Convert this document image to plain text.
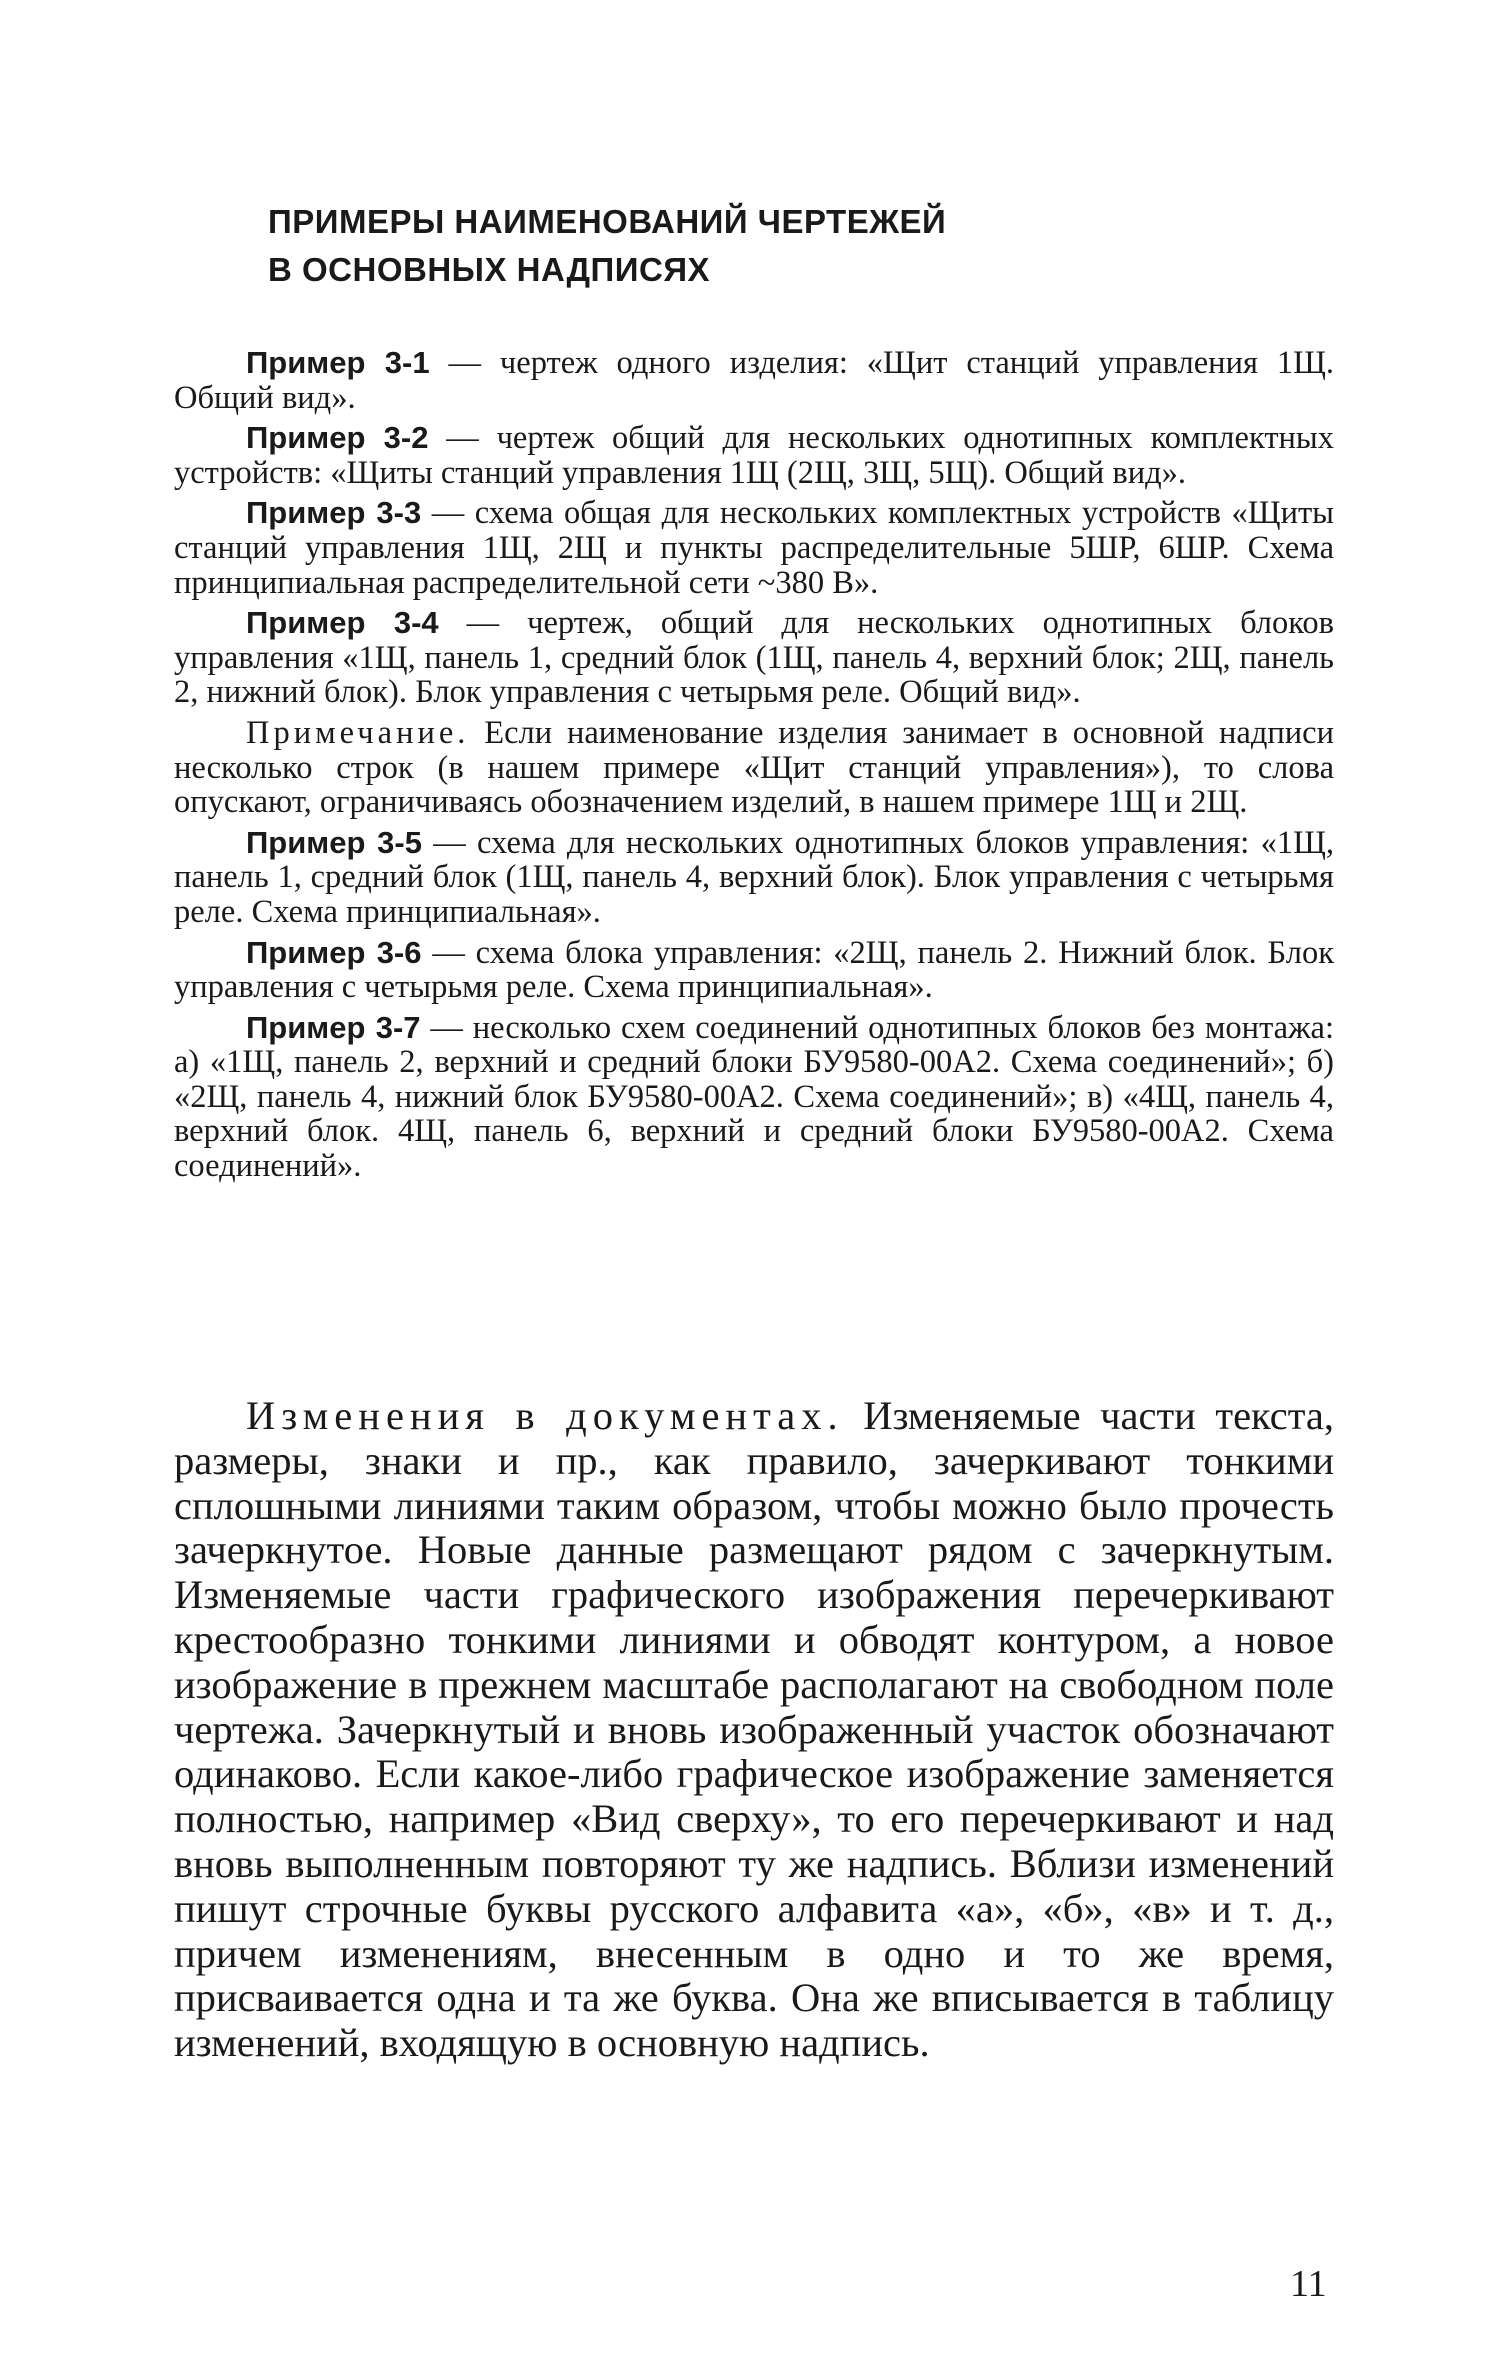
ПРИМЕРЫ НАИМЕНОВАНИЙ ЧЕРТЕЖЕЙ
В ОСНОВНЫХ НАДПИСЯХ

Пример 3-1 — чертеж одного изделия: «Щит станций управления 1Щ. Общий вид».

Пример 3-2 — чертеж общий для нескольких однотипных комплектных устройств: «Щиты станций управления 1Щ (2Щ, 3Щ, 5Щ). Общий вид».

Пример 3-3 — схема общая для нескольких комплектных устройств «Щиты станций управления 1Щ, 2Щ и пункты распределительные 5ШР, 6ШР. Схема принципиальная распределительной сети ~380 В».

Пример 3-4 — чертеж, общий для нескольких однотипных блоков управления «1Щ, панель 1, средний блок (1Щ, панель 4, верхний блок; 2Щ, панель 2, нижний блок). Блок управления с четырьмя реле. Общий вид».

Примечание. Если наименование изделия занимает в основной надписи несколько строк (в нашем примере «Щит станций управления»), то слова опускают, ограничиваясь обозначением изделий, в нашем примере 1Щ и 2Щ.

Пример 3-5 — схема для нескольких однотипных блоков управления: «1Щ, панель 1, средний блок (1Щ, панель 4, верхний блок). Блок управления с четырьмя реле. Схема принципиальная».

Пример 3-6 — схема блока управления: «2Щ, панель 2. Нижний блок. Блок управления с четырьмя реле. Схема принципиальная».

Пример 3-7 — несколько схем соединений однотипных блоков без монтажа: а) «1Щ, панель 2, верхний и средний блоки БУ9580-00А2. Схема соединений»; б) «2Щ, панель 4, нижний блок БУ9580-00А2. Схема соединений»; в) «4Щ, панель 4, верхний блок. 4Щ, панель 6, верхний и средний блоки БУ9580-00А2. Схема соединений».

Изменения в документах. Изменяемые части текста, размеры, знаки и пр., как правило, зачеркивают тонкими сплошными линиями таким образом, чтобы можно было прочесть зачеркнутое. Новые данные размещают рядом с зачеркнутым. Изменяемые части графического изображения перечеркивают крестообразно тонкими линиями и обводят контуром, а новое изображение в прежнем масштабе располагают на свободном поле чертежа. Зачеркнутый и вновь изображенный участок обозначают одинаково. Если какое-либо графическое изображение заменяется полностью, например «Вид сверху», то его перечеркивают и над вновь выполненным повторяют ту же надпись. Вблизи изменений пишут строчные буквы русского алфавита «а», «б», «в» и т. д., причем изменениям, внесенным в одно и то же время, присваивается одна и та же буква. Она же вписывается в таблицу изменений, входящую в основную надпись.

11
